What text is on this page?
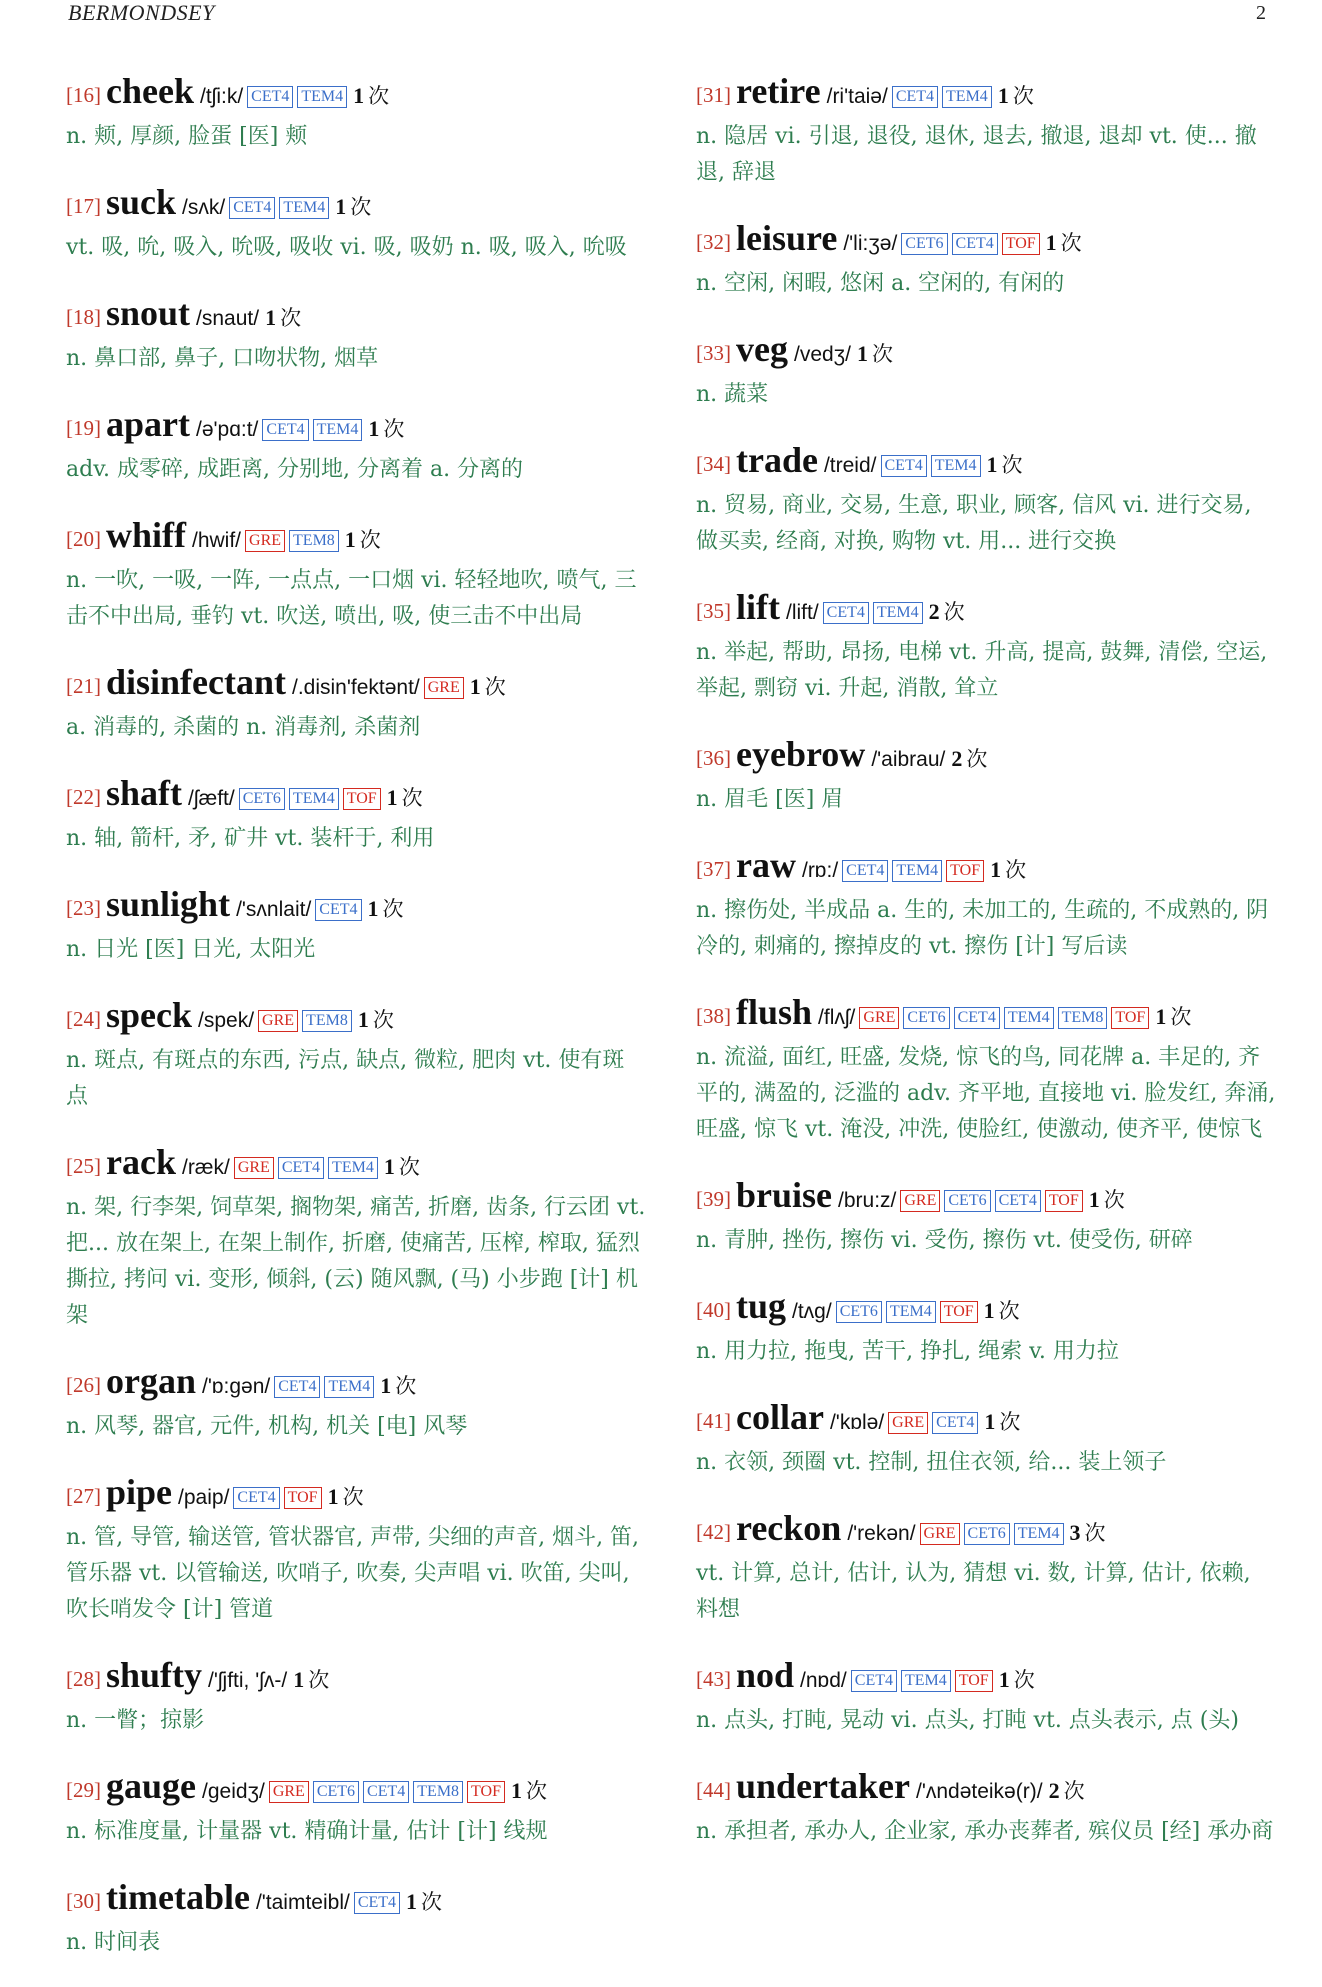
BERMONDSEY	2
[16] cheek /tʃi:k/ CET4 TEM4 1 次
n. 颊, 厚颜, 脸蛋 [医] 颊
[17] suck /sʌk/ CET4 TEM4 1 次
vt. 吸, 吮, 吸入, 吮吸, 吸收 vi. 吸, 吸奶 n. 吸, 吸入, 吮吸
[18] snout /snaut/ 1 次
n. 鼻口部, 鼻子, 口吻状物, 烟草
[19] apart /ə'pɑ:t/ CET4 TEM4 1 次
adv. 成零碎, 成距离, 分别地, 分离着 a. 分离的
[20] whiff /hwif/ GRE TEM8 1 次
n. 一吹, 一吸, 一阵, 一点点, 一口烟 vi. 轻轻地吹, 喷气, 三击不中出局, 垂钓 vt. 吹送, 喷出, 吸, 使三击不中出局
[21] disinfectant /.disin'fektənt/ GRE 1 次
a. 消毒的, 杀菌的 n. 消毒剂, 杀菌剂
[22] shaft /ʃæft/ CET6 TEM4 TOF 1 次
n. 轴, 箭杆, 矛, 矿井 vt. 装杆于, 利用
[23] sunlight /'sʌnlait/ CET4 1 次
n. 日光 [医] 日光, 太阳光
[24] speck /spek/ GRE TEM8 1 次
n. 斑点, 有斑点的东西, 污点, 缺点, 微粒, 肥肉 vt. 使有斑点
[25] rack /ræk/ GRE CET4 TEM4 1 次
n. 架, 行李架, 饲草架, 搁物架, 痛苦, 折磨, 齿条, 行云团 vt. 把... 放在架上, 在架上制作, 折磨, 使痛苦, 压榨, 榨取, 猛烈撕拉, 拷问 vi. 变形, 倾斜, (云) 随风飘, (马) 小步跑 [计] 机架
[26] organ /'ɒ:gən/ CET4 TEM4 1 次
n. 风琴, 器官, 元件, 机构, 机关 [电] 风琴
[27] pipe /paip/ CET4 TOF 1 次
n. 管, 导管, 输送管, 管状器官, 声带, 尖细的声音, 烟斗, 笛, 管乐器 vt. 以管输送, 吹哨子, 吹奏, 尖声唱 vi. 吹笛, 尖叫, 吹长哨发令 [计] 管道
[28] shufty /'ʃjfti, 'ʃʌ-/ 1 次
n. 一瞥；掠影
[29] gauge /geidʒ/ GRE CET6 CET4 TEM8 TOF 1 次
n. 标准度量, 计量器 vt. 精确计量, 估计 [计] 线规
[30] timetable /'taimteibl/ CET4 1 次
n. 时间表
[31] retire /ri'taiə/ CET4 TEM4 1 次
n. 隐居 vi. 引退, 退役, 退休, 退去, 撤退, 退却 vt. 使... 撤退, 辞退
[32] leisure /'li:ʒə/ CET6 CET4 TOF 1 次
n. 空闲, 闲暇, 悠闲 a. 空闲的, 有闲的
[33] veg /vedʒ/ 1 次
n. 蔬菜
[34] trade /treid/ CET4 TEM4 1 次
n. 贸易, 商业, 交易, 生意, 职业, 顾客, 信风 vi. 进行交易, 做买卖, 经商, 对换, 购物 vt. 用... 进行交换
[35] lift /lift/ CET4 TEM4 2 次
n. 举起, 帮助, 昂扬, 电梯 vt. 升高, 提高, 鼓舞, 清偿, 空运, 举起, 剽窃 vi. 升起, 消散, 耸立
[36] eyebrow /'aibrau/ 2 次
n. 眉毛 [医] 眉
[37] raw /rɒ:/ CET4 TEM4 TOF 1 次
n. 擦伤处, 半成品 a. 生的, 未加工的, 生疏的, 不成熟的, 阴冷的, 刺痛的, 擦掉皮的 vt. 擦伤 [计] 写后读
[38] flush /flʌʃ/ GRE CET6 CET4 TEM4 TEM8 TOF 1 次
n. 流溢, 面红, 旺盛, 发烧, 惊飞的鸟, 同花牌 a. 丰足的, 齐平的, 满盈的, 泛滥的 adv. 齐平地, 直接地 vi. 脸发红, 奔涌, 旺盛, 惊飞 vt. 淹没, 冲洗, 使脸红, 使激动, 使齐平, 使惊飞
[39] bruise /bru:z/ GRE CET6 CET4 TOF 1 次
n. 青肿, 挫伤, 擦伤 vi. 受伤, 擦伤 vt. 使受伤, 研碎
[40] tug /tʌg/ CET6 TEM4 TOF 1 次
n. 用力拉, 拖曳, 苦干, 挣扎, 绳索 v. 用力拉
[41] collar /'kɒlə/ GRE CET4 1 次
n. 衣领, 颈圈 vt. 控制, 扭住衣领, 给... 装上领子
[42] reckon /'rekən/ GRE CET6 TEM4 3 次
vt. 计算, 总计, 估计, 认为, 猜想 vi. 数, 计算, 估计, 依赖, 料想
[43] nod /nɒd/ CET4 TEM4 TOF 1 次
n. 点头, 打盹, 晃动 vi. 点头, 打盹 vt. 点头表示, 点 (头)
[44] undertaker /'ʌndəteikə(r)/ 2 次
n. 承担者, 承办人, 企业家, 承办丧葬者, 殡仪员 [经] 承办商
